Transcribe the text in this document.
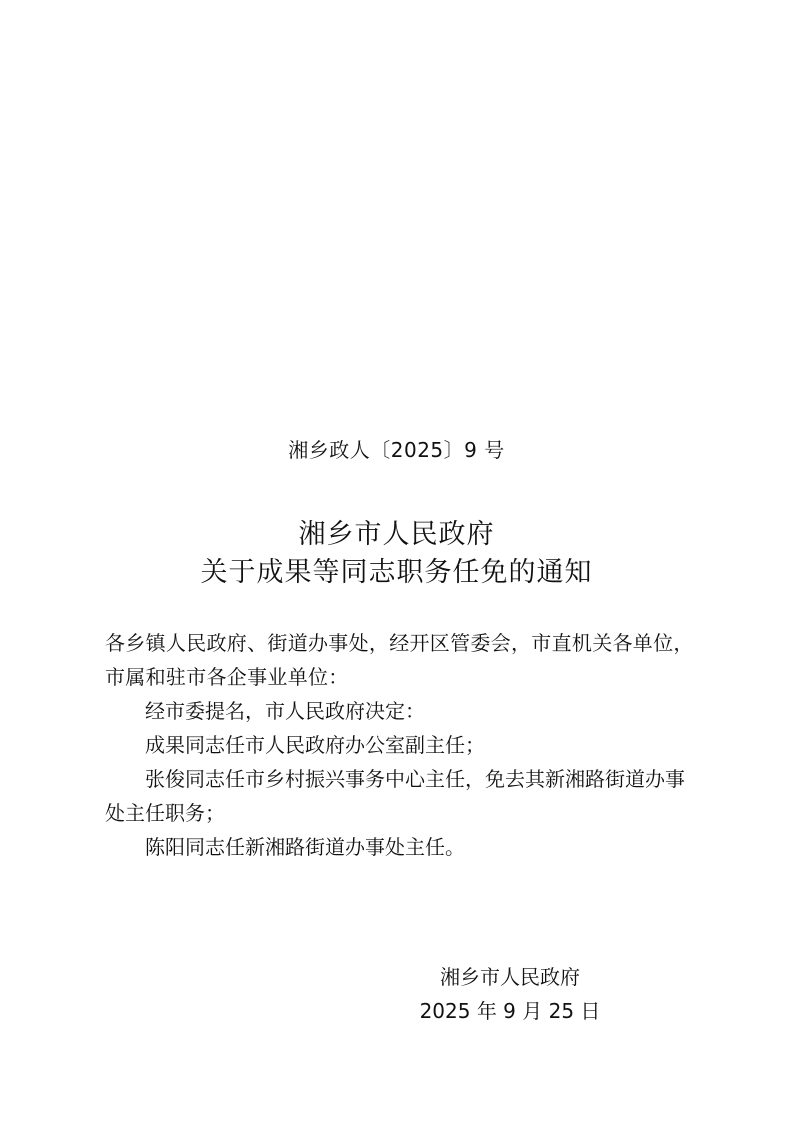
湘乡政人〔2025〕9 号
湘乡市人民政府
关于成果等同志职务任免的通知

各乡镇人民政府、街道办事处，经开区管委会，市直机关各单位，市属和驻市各企事业单位：

经市委提名，市人民政府决定：

成果同志任市人民政府办公室副主任；

张俊同志任市乡村振兴事务中心主任，免去其新湘路街道办事处主任职务；

陈阳同志任新湘路街道办事处主任。

湘乡市人民政府
2025 年 9 月 25 日
